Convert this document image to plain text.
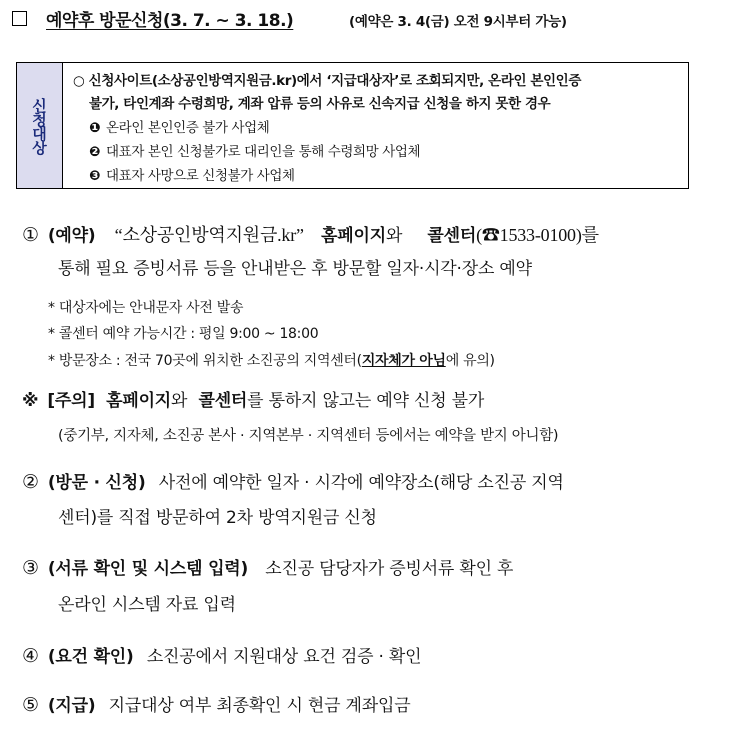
예약후 방문신청(3. 7. ~ 3. 18.)	(예약은 3. 4(금) 오전 9시부터 가능)
신청대상
○ 신청사이트(소상공인방역지원금.kr)에서 ‘지급대상자’로 조회되지만, 온라인 본인인증
불가, 타인계좌 수령희망, 계좌 압류 등의 사유로 신속지급 신청을 하지 못한 경우
❶ 온라인 본인인증 불가 사업체
❷ 대표자 본인 신청불가로 대리인을 통해 수령희망 사업체
❸ 대표자 사망으로 신청불가 사업체
① (예약) “소상공인방역지원금.kr” 홈페이지와 콜센터(☎1533-0100)를
통해 필요 증빙서류 등을 안내받은 후 방문할 일자·시각·장소 예약
* 대상자에는 안내문자 사전 발송
* 콜센터 예약 가능시간 : 평일 9:00 ~ 18:00
* 방문장소 : 전국 70곳에 위치한 소진공의 지역센터(지자체가 아님에 유의)
※ [주의] 홈페이지와 콜센터를 통하지 않고는 예약 신청 불가
(중기부, 지자체, 소진공 본사 · 지역본부 · 지역센터 등에서는 예약을 받지 아니함)
② (방문 · 신청) 사전에 예약한 일자 · 시각에 예약장소(해당 소진공 지역
센터)를 직접 방문하여 2차 방역지원금 신청
③ (서류 확인 및 시스템 입력) 소진공 담당자가 증빙서류 확인 후
온라인 시스템 자료 입력
④ (요건 확인) 소진공에서 지원대상 요건 검증 · 확인
⑤ (지급) 지급대상 여부 최종확인 시 현금 계좌입금
